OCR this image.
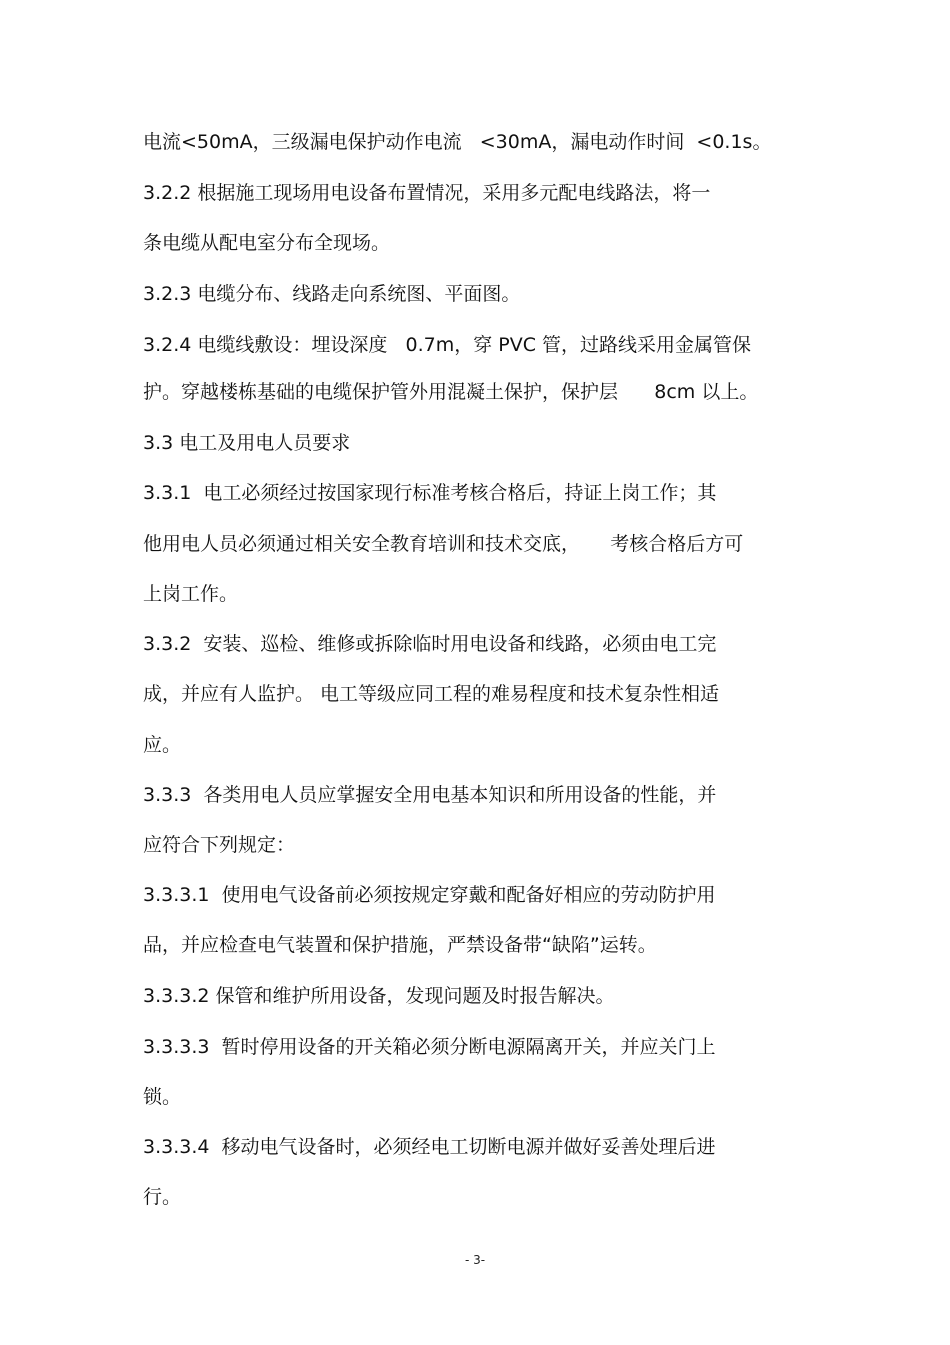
电流<50mA，三级漏电保护动作电流   <30mA，漏电动作时间  <0.1s。
3.2.2 根据施工现场用电设备布置情况，采用多元配电线路法，将一
条电缆从配电室分布全现场。
3.2.3 电缆分布、线路走向系统图、平面图。
3.2.4 电缆线敷设：埋设深度   0.7m，穿 PVC 管，过路线采用金属管保
护。穿越楼栋基础的电缆保护管外用混凝土保护，保护层      8cm 以上。
3.3 电工及用电人员要求
3.3.1  电工必须经过按国家现行标准考核合格后，持证上岗工作；其
他用电人员必须通过相关安全教育培训和技术交底，     考核合格后方可
上岗工作。
3.3.2  安装、巡检、维修或拆除临时用电设备和线路，必须由电工完
成，并应有人监护。 电工等级应同工程的难易程度和技术复杂性相适
应。
3.3.3  各类用电人员应掌握安全用电基本知识和所用设备的性能，并
应符合下列规定：
3.3.3.1  使用电气设备前必须按规定穿戴和配备好相应的劳动防护用
品，并应检查电气装置和保护措施，严禁设备带“缺陷”运转。
3.3.3.2 保管和维护所用设备，发现问题及时报告解决。
3.3.3.3  暂时停用设备的开关箱必须分断电源隔离开关，并应关门上
锁。
3.3.3.4  移动电气设备时，必须经电工切断电源并做好妥善处理后进
行。
- 3-
